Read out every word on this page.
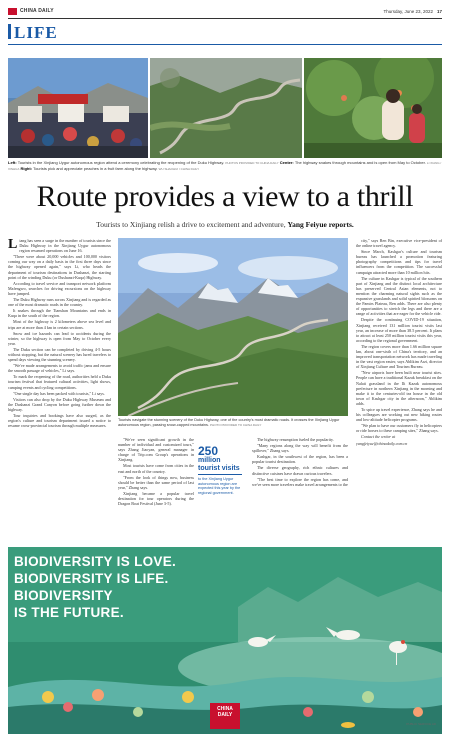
CHINA DAILY	Thursday, June 23, 2022 17
LIFE
Left: Tourists in the Xinjiang Uygur autonomous region attend a ceremony celebrating the reopening of the Duku Highway. PHOTOS PROVIDED TO CHINA DAILY Center: The highway snakes through mountains and is open from May to October. LI XIANG / XINHUA Right: Tourists pick and appreciate peaches in a fruit farm along the highway. WU SHAOHUI / CHINA DAILY
Route provides a view to a thrill
Tourists to Xinjiang relish a drive to excitement and adventure, Yang Feiyue reports.
L iang has seen a surge in the number of tourists since the Duku Highway in the Xinjiang Uygur autonomous region resumed operations on June 16.

"There were about 20,000 vehicles and 100,000 visitors coming our way on a daily basis in the first three days since the highway opened again," says Li, who heads the department of tourism destinations in Dushanzi, the starting point of the winding Duku (or Dushanzi-Kuqa) Highway.

According to travel service and transport network platform Mafengwo, searches for driving excursions on the highway have jumped.

The Duku Highway runs across Xinjiang and is regarded as one of the most dramatic roads in the country.

It snakes through the Tianshan Mountains and ends in Kuqa in the south of the region.

Most of the highway is 2 kilometers above sea level and trips are at more than 4 km in certain sections.

Snow and ice hazards can lead to accidents during the winter, so the highway is open from May to October every year.

The Duku section can be completed by driving 4-5 hours without stopping, but the natural scenery has lured travelers to spend days viewing the stunning scenery.

"We've made arrangements to avoid traffic jams and ensure the smooth passage of vehicles," Li says.

To mark the reopening of the road, authorities held a Duku tourism festival that featured cultural activities, light shows, camping events and cycling competitions.

"One single day has been packed with tourists," Li says.

Visitors can also drop by the Duku Highway Museum and the Dushanzi Grand Canyon before going further down the highway.

Tour inquiries and bookings have also surged, as the region's culture and tourism department issued a notice to resume cross-provincial tourism through multiple measures.

Tourists navigate the stunning scenery of the Duku Highway, one of the country's most dramatic roads. It crosses the Xinjiang Uygur autonomous region, passing snow-capped mountains. PHOTO PROVIDED TO CHINA DAILY

"We've seen significant growth in the number of individual and customized tours," says Zhang Jiaoyan, general manager in charge of Trip.com Group's operations in Xinjiang.

Most tourists have come from cities in the east and north of the country.

"From the look of things now, business should be better than the same period of last year," Zhang says.

Xinjiang became a popular travel destination for tour operators during the Dragon Boat Festival (June 3-5).

250
million
tourist visits
to the Xinjiang Uygur autonomous region are expected this year by the regional government.

The highway resumption fueled the popularity.

"Many regions along the way will benefit from the spillover," Zhang says.

Kashgar, in the southwest of the region, has been a popular tourist destination.

The diverse geography, rich ethnic cultures and distinctive cuisines have drawn curious travelers.

"The best time to explore the region has come, and we've seen more travelers make travel arrangements to the

city," says Ren Bin, executive vice-president of the online travel agency.

Since March, Kashgar's culture and tourism bureau has launched a promotion featuring photography competitions and tips for travel influencers from the competition. The successful campaign attracted more than 10 million hits.

The culture in Kashgar is typical of the southern part of Xinjiang and the distinct local architecture has preserved Central Asian elements, not to mention the charming natural sights such as the expansive grasslands and solid spirited blossoms on the Pamirs Plateau, Ren adds. There are also plenty of opportunities to stretch the legs and there are a range of activities that are eager for the vehicle ride.

Despite the continuing COVID-19 situation, Xinjiang received 131 million tourist visits last year, an increase of more than 38.5 percent. It plans to attract at least 250 million tourist visits this year, according to the regional government.

The region covers more than 1.66 million square km, about one-sixth of China's territory, and an improved transportation network has made traveling in the vast region easier, says Ablikim Arzi, director of Xinjiang Culture and Tourism Bureau.

"New airports have been built near tourist sites. People can have a traditional Kazak breakfast on the Nalati grassland in the Ili Kazak autonomous prefecture in northern Xinjiang in the morning and make it to the centuries-old tea house in the old town of Kashgar city in the afternoon," Ablikim adds.

To spice up travel experience, Zhang says he and his colleagues are working out new hiking routes and low-altitude helicopter programs.

"We plan to have our customers fly in helicopters or ride horses to these camping sites," Zhang says.

Contact the writer at

yangfeiyue@chinadaily.com.cn

BIODIVERSITY IS LOVE.
BIODIVERSITY IS LIFE.
BIODIVERSITY
IS THE FUTURE.
CHINA
DAILY
PUBLIC SERVICE AD
